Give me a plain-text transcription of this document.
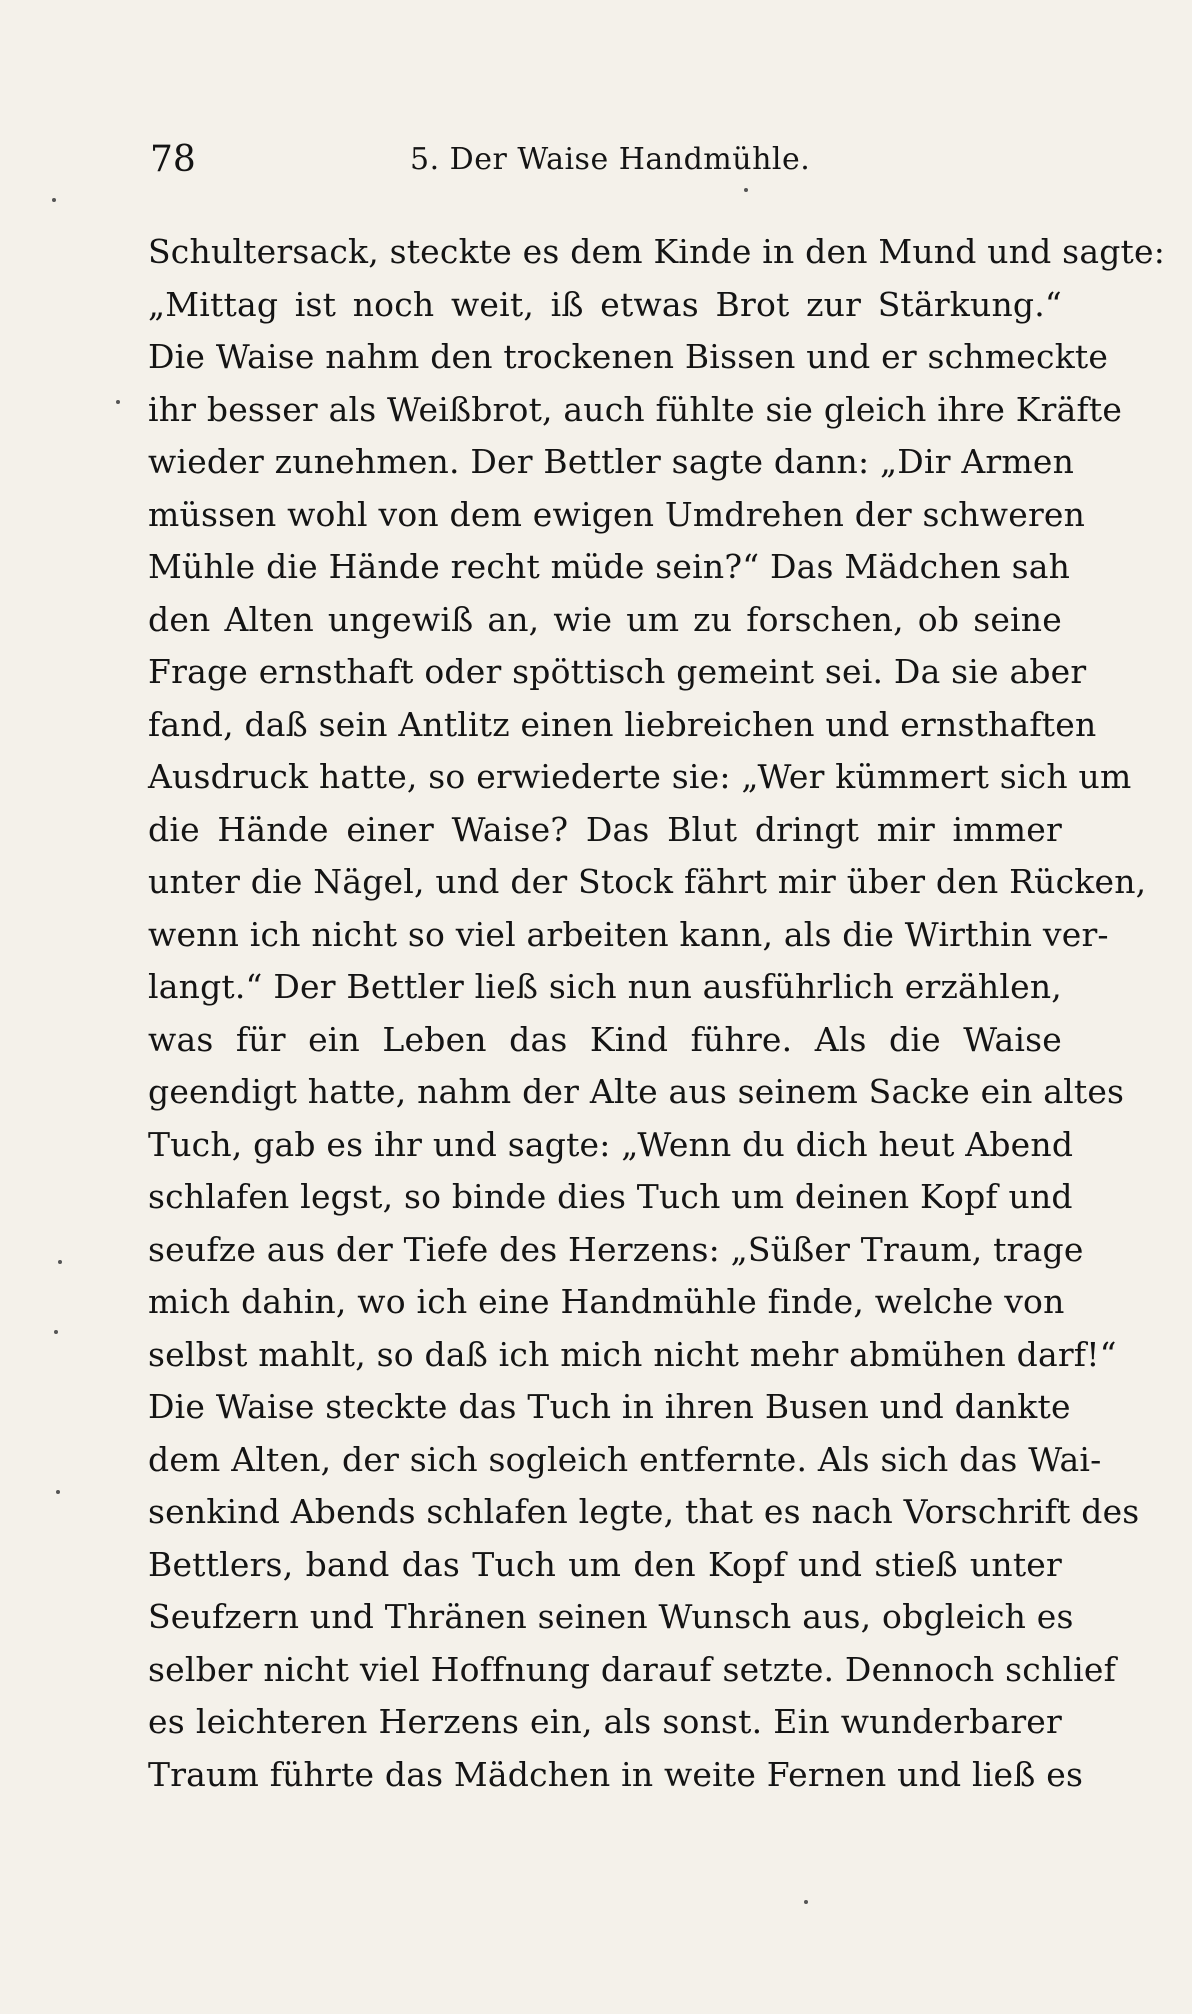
78	5. Der Waise Handmühle.
Schultersack, steckte es dem Kinde in den Mund und sagte:
„Mittag ist noch weit, iß etwas Brot zur Stärkung.“
Die Waise nahm den trockenen Bissen und er schmeckte
ihr besser als Weißbrot, auch fühlte sie gleich ihre Kräfte
wieder zunehmen. Der Bettler sagte dann: „Dir Armen
müssen wohl von dem ewigen Umdrehen der schweren
Mühle die Hände recht müde sein?“ Das Mädchen sah
den Alten ungewiß an, wie um zu forschen, ob seine
Frage ernsthaft oder spöttisch gemeint sei. Da sie aber
fand, daß sein Antlitz einen liebreichen und ernsthaften
Ausdruck hatte, so erwiederte sie: „Wer kümmert sich um
die Hände einer Waise? Das Blut dringt mir immer
unter die Nägel, und der Stock fährt mir über den Rücken,
wenn ich nicht so viel arbeiten kann, als die Wirthin ver-
langt.“ Der Bettler ließ sich nun ausführlich erzählen,
was für ein Leben das Kind führe. Als die Waise
geendigt hatte, nahm der Alte aus seinem Sacke ein altes
Tuch, gab es ihr und sagte: „Wenn du dich heut Abend
schlafen legst, so binde dies Tuch um deinen Kopf und
seufze aus der Tiefe des Herzens: „Süßer Traum, trage
mich dahin, wo ich eine Handmühle finde, welche von
selbst mahlt, so daß ich mich nicht mehr abmühen darf!“
Die Waise steckte das Tuch in ihren Busen und dankte
dem Alten, der sich sogleich entfernte. Als sich das Wai-
senkind Abends schlafen legte, that es nach Vorschrift des
Bettlers, band das Tuch um den Kopf und stieß unter
Seufzern und Thränen seinen Wunsch aus, obgleich es
selber nicht viel Hoffnung darauf setzte. Dennoch schlief
es leichteren Herzens ein, als sonst. Ein wunderbarer
Traum führte das Mädchen in weite Fernen und ließ es
